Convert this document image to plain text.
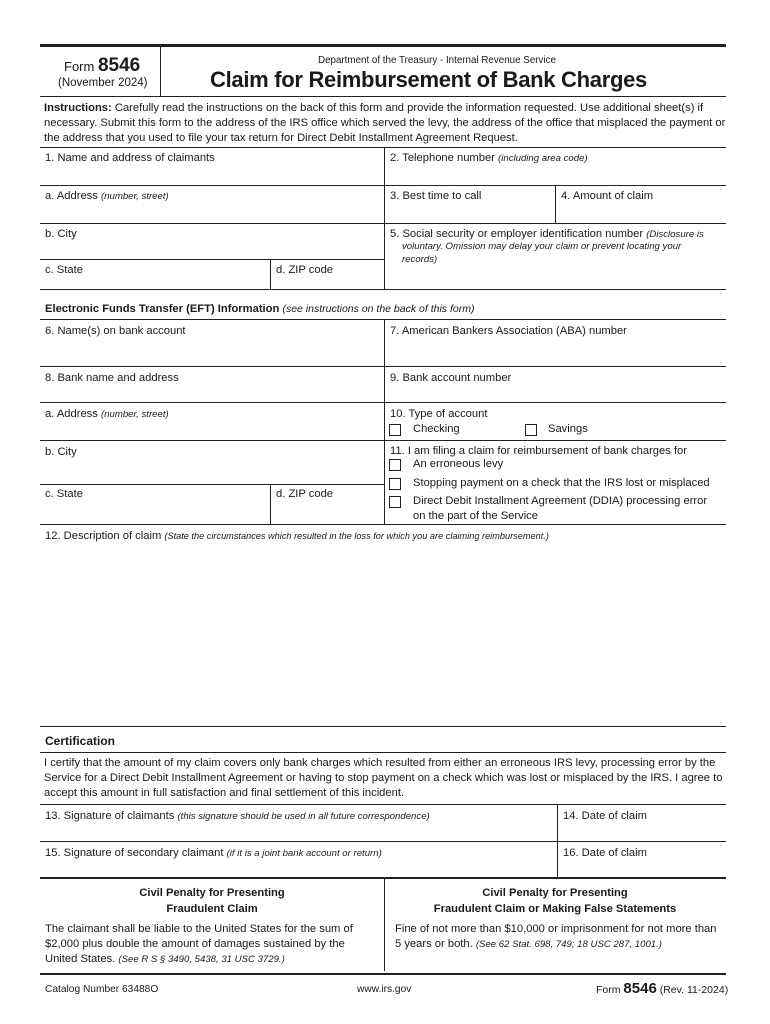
Form 8546
(November 2024)
Department of the Treasury - Internal Revenue Service
Claim for Reimbursement of Bank Charges
Instructions: Carefully read the instructions on the back of this form and provide the information requested. Use additional sheet(s) if necessary. Submit this form to the address of the IRS office which served the levy, the address of the office that misplaced the payment or the address that you used to file your tax return for Direct Debit Installment Agreement Request.
1. Name and address of claimants	2. Telephone number (including area code)
a. Address (number, street)	3. Best time to call	4. Amount of claim
b. City	5. Social security or employer identification number (Disclosure is
voluntary. Omission may delay your claim or prevent locating your
records)
c. State	d. ZIP code
Electronic Funds Transfer (EFT) Information (see instructions on the back of this form)
6. Name(s) on bank account	7. American Bankers Association (ABA) number
8. Bank name and address	9. Bank account number
a. Address (number, street)	10. Type of account
Checking	Savings
b. City	11. I am filing a claim for reimbursement of bank charges for
An erroneous levy
Stopping payment on a check that the IRS lost or misplaced
Direct Debit Installment Agreement (DDIA) processing error
on the part of the Service
c. State	d. ZIP code
12. Description of claim (State the circumstances which resulted in the loss for which you are claiming reimbursement.)
Certification
I certify that the amount of my claim covers only bank charges which resulted from either an erroneous IRS levy, processing error by the Service for a Direct Debit Installment Agreement or having to stop payment on a check which was lost or misplaced by the IRS. I agree to accept this amount in full satisfaction and final settlement of this incident.
13. Signature of claimants (this signature should be used in all future correspondence)	14. Date of claim
15. Signature of secondary claimant (if it is a joint bank account or return)	16. Date of claim
Civil Penalty for Presenting
Fraudulent Claim
Civil Penalty for Presenting
Fraudulent Claim or Making False Statements
The claimant shall be liable to the United States for the sum of $2,000 plus double the amount of damages sustained by the United States. (See R S § 3490, 5438, 31 USC 3729.)
Fine of not more than $10,000 or imprisonment for not more than 5 years or both. (See 62 Stat. 698, 749; 18 USC 287, 1001.)
Catalog Number 63488O	www.irs.gov	Form 8546 (Rev. 11-2024)
